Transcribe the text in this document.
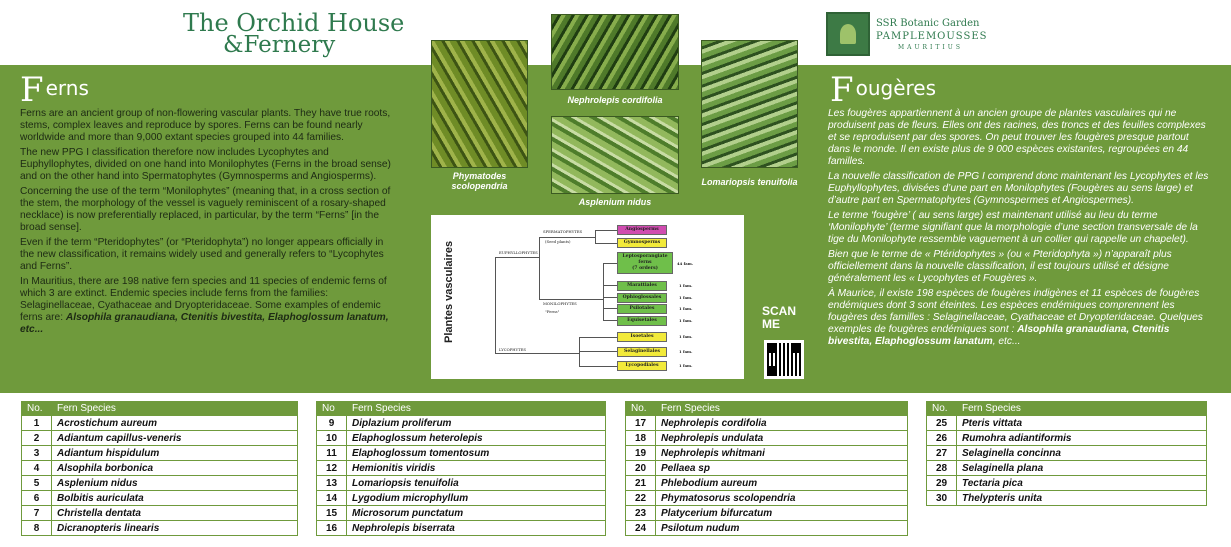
The Orchid House
&Fernery
SSR Botanic Garden
PAMPLEMOUSSES
MAURITIUS
Ferns

Ferns are an ancient group of non-flowering vascular plants. They have true roots, stems, complex leaves and reproduce by spores. Ferns can be found nearly worldwide and more than 9,000 extant species grouped into 44 families.

The new PPG I classification therefore now includes Lycophytes and Euphyllophytes, divided on one hand into Monilophytes (Ferns in the broad sense) and on the other hand into Spermatophytes (Gymnosperms and Angiosperms).

Concerning the use of the term “Monilophytes” (meaning that, in a cross section of the stem, the morphology of the vessel is vaguely reminiscent of a rosary-shaped necklace) is now preferentially replaced, in particular, by the term “Ferns” [in the broad sense].

Even if the term “Pteridophytes” (or “Pteridophyta”) no longer appears officially in the new classification, it remains widely used and generally refers to “Lycophytes and Ferns”.

In Mauritius, there are 198 native fern species and 11 species of endemic ferns of which 3 are extinct. Endemic species include ferns from the families: Selaginellaceae, Cyathaceae and Dryopteridaceae. Some examples of endemic ferns are: Alsophila granaudiana, Ctenitis bivestita, Elaphoglossum lanatum, etc...

Phymatodes
scolopendria
Nephrolepis cordifolia
Asplenium nidus
Lomariopsis tenuifolia
Plantes vasculaires	EUPHYLLOPHYTES
SPERMATOPHYTES
(Seed plants)
MONILOPHYTES
"Ferns"
LYCOPHYTES
Angiosperms
Gymnosperms
Leptosporangiate
ferns
(7 orders)
44 fam.
Marattiales	1 fam.
Ophioglossales	1 fam.
Psilotales	1 fam.
Equisetales	1 fam.
Isoetales	1 fam.
Selaginellales	1 fam.
Lycopodiales	1 fam.
SCAN
ME
Fougères

Les fougères appartiennent à un ancien groupe de plantes vasculaires qui ne produisent pas de fleurs. Elles ont des racines, des troncs et des feuilles complexes et se reproduisent par des spores. On peut trouver les fougères presque partout dans le monde. Il en existe plus de 9 000 espèces existantes, regroupées en 44 familles.

La nouvelle classification de PPG I comprend donc maintenant les Lycophytes et les Euphyllophytes, divisées d’une part en Monilophytes (Fougères au sens large) et d’autre part en Spermatophytes (Gymnospermes et Angiospermes).

Le terme ‘fougère’ ( au sens large) est maintenant utilisé au lieu du terme ‘Monilophyte’ (terme signifiant que la morphologie d’une section transversale de la tige du Monilophyte ressemble vaguement à un collier qui rappelle un chapelet).

Bien que le terme de « Ptéridophytes » (ou « Pteridophyta ») n’apparaît plus officiellement dans la nouvelle classification, il est toujours utilisé et désigne généralement les « Lycophytes et Fougères ».

À Maurice, il existe 198 espèces de fougères indigènes et 11 espèces de fougères endémiques dont 3 sont éteintes. Les espèces endémiques comprennent les fougères des familles : Selaginellaceae, Cyathaceae et Dryopteridaceae. Quelques exemples de fougères endémiques sont : Alsophila granaudiana, Ctenitis bivestita, Elaphoglossum lanatum, etc...

No.	Fern Species
1	Acrostichum aureum
2	Adiantum capillus-veneris
3	Adiantum hispidulum
4	Alsophila borbonica
5	Asplenium nidus
6	Bolbitis auriculata
7	Christella dentata
8	Dicranopteris linearis
No	Fern Species
9	Diplazium proliferum
10	Elaphoglossum heterolepis
11	Elaphoglossum tomentosum
12	Hemionitis viridis
13	Lomariopsis tenuifolia
14	Lygodium microphyllum
15	Microsorum punctatum
16	Nephrolepis biserrata
No.	Fern Species
17	Nephrolepis cordifolia
18	Nephrolepis undulata
19	Nephrolepis whitmani
20	Pellaea sp
21	Phlebodium aureum
22	Phymatosorus scolopendria
23	Platycerium bifurcatum
24	Psilotum nudum
No.	Fern Species
25	Pteris vittata
26	Rumohra adiantiformis
27	Selaginella concinna
28	Selaginella plana
29	Tectaria pica
30	Thelypteris unita
